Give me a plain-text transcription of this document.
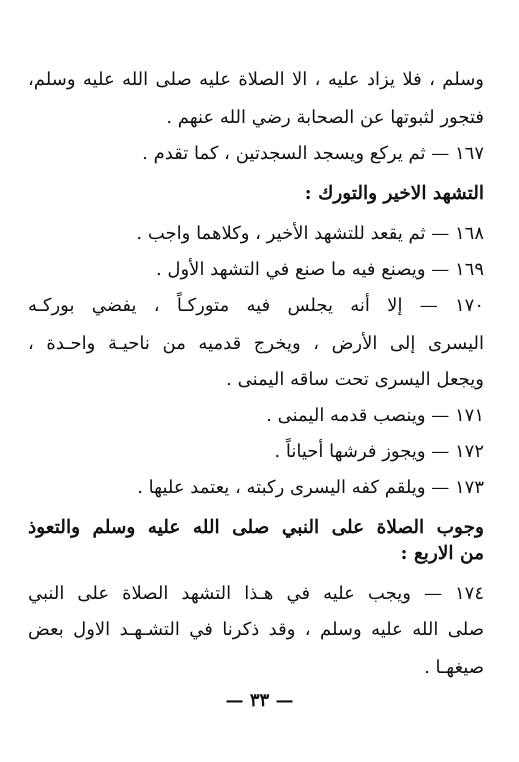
وسلم ، فلا يزاد عليه ، الا الصلاة عليه صلى الله عليه وسلم،
فتجور لثبوتها عن الصحابة رضي الله عنهم .
١٦٧ — ثم يركع ويسجد السجدتين ، كما تقدم .
التشهد الاخير والتورك :
١٦٨ — ثم يقعد للتشهد الأخير ، وكلاهما واجب .
١٦٩ — ويصنع فيه ما صنع في التشهد الأول .
١٧٠ — إلا أنه يجلس فيه متوركـاً ، يفضي بوركـه
اليسرى إلى الأرض ، ويخرج قدميه من ناحيـة واحـدة ،
ويجعل اليسرى تحت ساقه اليمنى .
١٧١ — وينصب قدمه اليمنى .
١٧٢ — ويجوز فرشها أحياناً .
١٧٣ — ويلقم كفه اليسرى ركبته ، يعتمد عليها .
وجوب الصلاة على النبي صلى الله عليه وسلم والتعوذ
من الاربع :
١٧٤ — ويجب عليه في هـذا التشهد الصلاة على النبي
صلى الله عليه وسلم ، وقد ذكرنا في التشـهـد الاول بعض
صيغهـا .
— ٣٣ —
